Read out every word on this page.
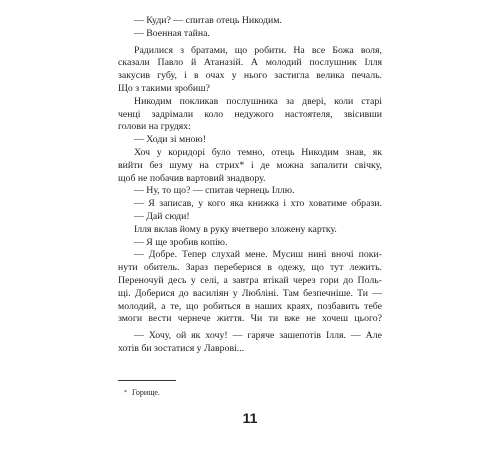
— Куди? — спитав отець Никодим.
— Военная тайна.
Радилися з братами, що робити. На все Божа воля,
сказали Павло й Атаназій. А молодий послушник Ілля
закусив губу, і в очах у нього застигла велика печаль.
Що з такими зробиш?
Никодим покликав послушника за двері, коли старі
ченці задрімали коло недужого настоятеля, звісивши
голови на грудях:
— Ходи зі мною!
Хоч у коридорі було темно, отець Никодим знав, як
вийти без шуму на стрих* і де можна запалити свічку,
щоб не побачив вартовий знадвору.
— Ну, то що? — спитав чернець Іллю.
— Я записав, у кого яка книжка і хто ховатиме образи.
— Дай сюди!
Ілля вклав йому в руку вчетверо зложену картку.
— Я ще зробив копію.
— Добре. Тепер слухай мене. Мусиш нині вночі поки-
нути обитель. Зараз переберися в одежу, що тут лежить.
Переночуй десь у селі, а завтра втікай через гори до Поль-
щі. Доберися до василіян у Любліні. Там безпечніше. Ти —
молодий, а те, що робиться в наших краях, позбавить тебе
змоги вести чернече життя. Чи ти вже не хочеш цього?
— Хочу, ой як хочу! — гаряче зашепотів Ілля. — Але
хотів би зостатися у Лаврові...
* Горище.
11
